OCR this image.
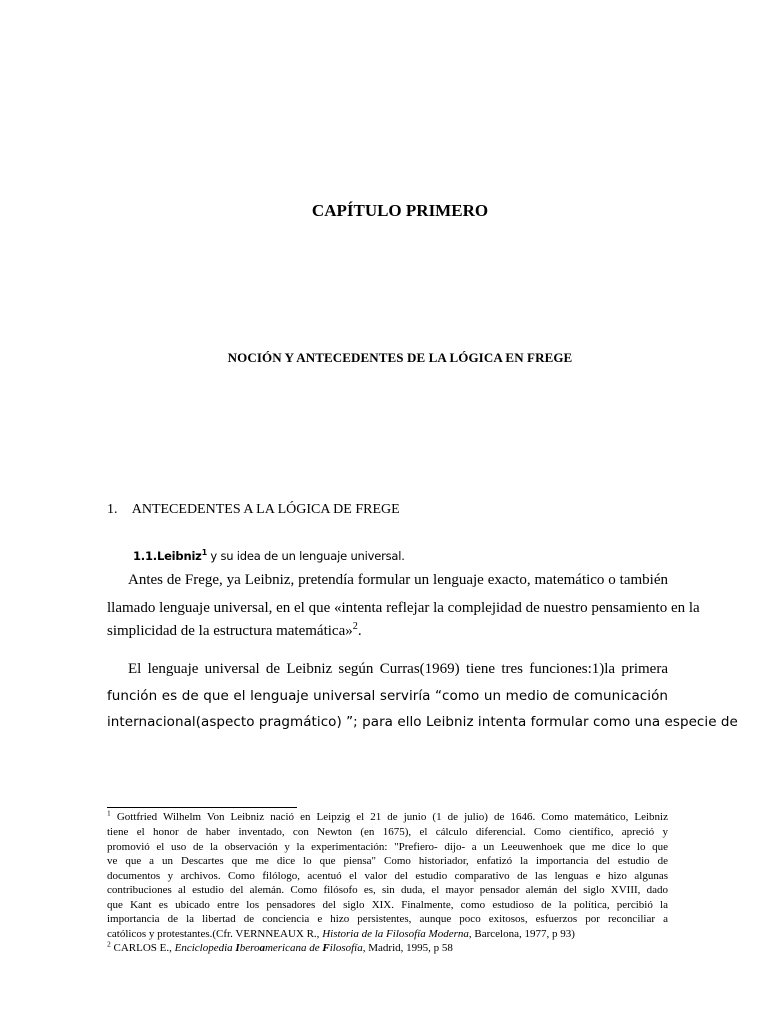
CAPÍTULO PRIMERO
NOCIÓN Y ANTECEDENTES DE LA LÓGICA EN FREGE
1. ANTECEDENTES A LA LÓGICA DE FREGE
1.1.Leibniz$^1$ y su idea de un lenguaje universal.
Antes de Frege, ya Leibniz, pretendía formular un lenguaje exacto, matemático o también
llamado lenguaje universal, en el que «intenta reflejar la complejidad de nuestro pensamiento en la
simplicidad de la estructura matemática»$^2$.
El lenguaje universal de Leibniz según Curras(1969) tiene tres funciones:1)la primera
función es de que el lenguaje universal serviría “como un medio de comunicación
internacional(aspecto pragmático) ”; para ello Leibniz intenta formular como una especie de
$^1$ Gottfried Wilhelm Von Leibniz nació en Leipzig el 21 de junio (1 de julio) de 1646. Como matemático, Leibniz
tiene el honor de haber inventado, con Newton (en 1675), el cálculo diferencial. Como científico, apreció y
promovió el uso de la observación y la experimentación: "Prefiero- dijo- a un Leeuwenhoek que me dice lo que
ve que a un Descartes que me dice lo que piensa" Como historiador, enfatizó la importancia del estudio de
documentos y archivos. Como filólogo, acentuó el valor del estudio comparativo de las lenguas e hizo algunas
contribuciones al estudio del alemán. Como filósofo es, sin duda, el mayor pensador alemán del siglo XVIII, dado
que Kant es ubicado entre los pensadores del siglo XIX. Finalmente, como estudioso de la política, percibió la
importancia de la libertad de conciencia e hizo persistentes, aunque poco exitosos, esfuerzos por reconciliar a
católicos y protestantes.(Cfr. VERNNEAUX R., Historia de la Filosofía Moderna, Barcelona, 1977, p 93)
$^2$ CARLOS E., Enciclopedia Iberoamericana de Filosofía, Madrid, 1995, p 58
